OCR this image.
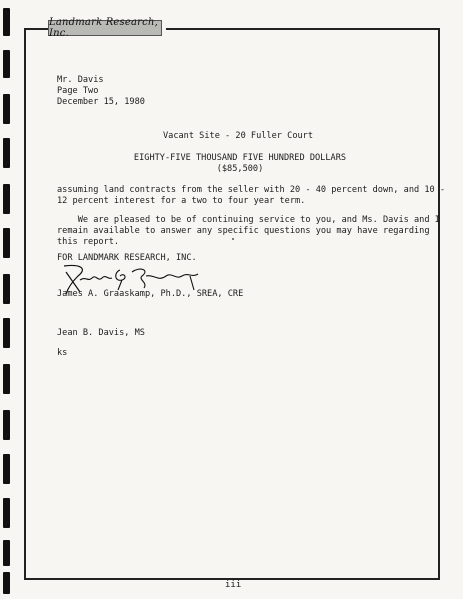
Landmark Research, Inc.
Mr. Davis
Page Two
December 15, 1980
Vacant Site - 20 Fuller Court
EIGHTY-FIVE THOUSAND FIVE HUNDRED DOLLARS
($85,500)
assuming land contracts from the seller with 20 - 40 percent down, and 10 -
12 percent interest for a two to four year term.
We are pleased to be of continuing service to you, and Ms. Davis and I
remain available to answer any specific questions you may have regarding
this report.
FOR LANDMARK RESEARCH, INC.
James A. Graaskamp, Ph.D., SREA, CRE
Jean B. Davis, MS
ks
iii
